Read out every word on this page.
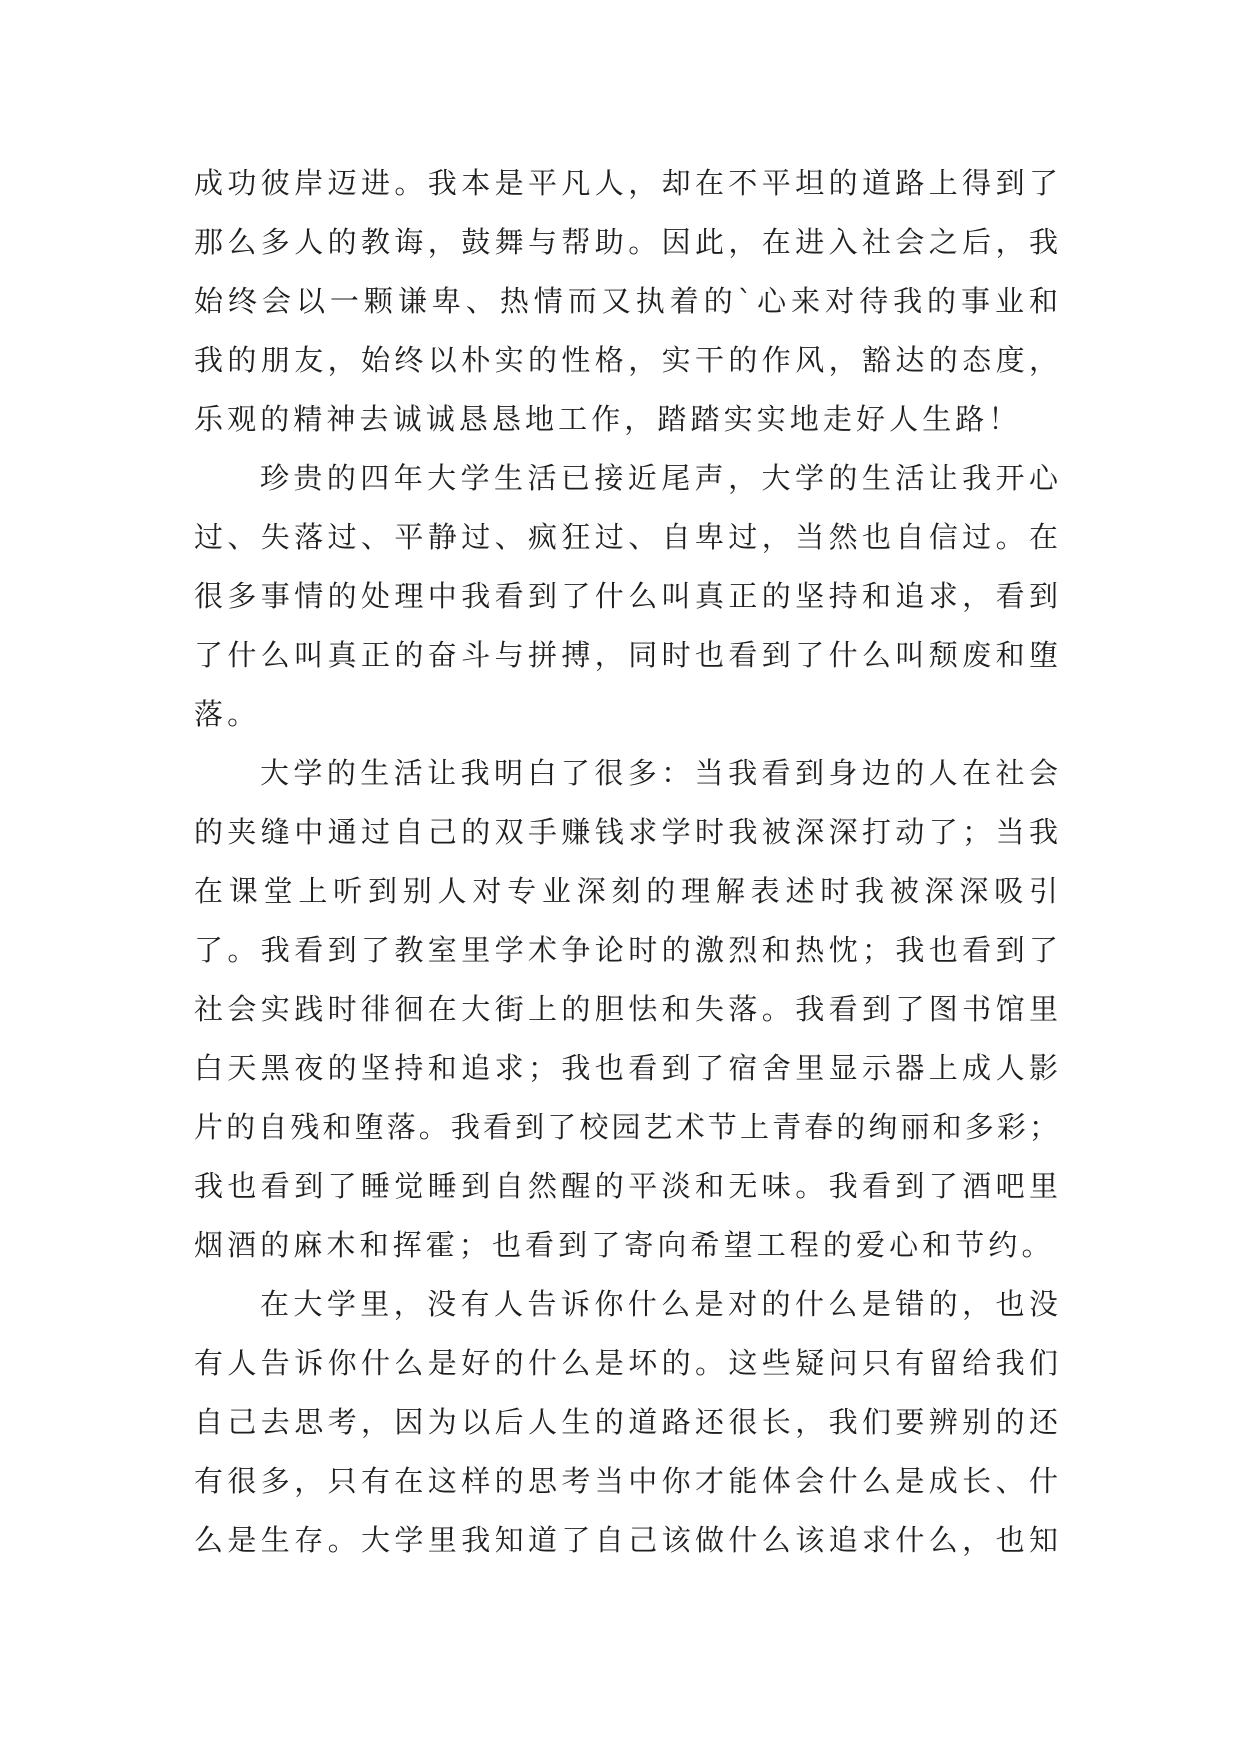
成功彼岸迈进。我本是平凡人，却在不平坦的道路上得到了
那么多人的教诲，鼓舞与帮助。因此，在进入社会之后，我
始终会以一颗谦卑、热情而又执着的`心来对待我的事业和
我的朋友，始终以朴实的性格，实干的作风，豁达的态度，
乐观的精神去诚诚恳恳地工作，踏踏实实地走好人生路！
珍贵的四年大学生活已接近尾声，大学的生活让我开心
过、失落过、平静过、疯狂过、自卑过，当然也自信过。在
很多事情的处理中我看到了什么叫真正的坚持和追求，看到
了什么叫真正的奋斗与拼搏，同时也看到了什么叫颓废和堕
落。
大学的生活让我明白了很多：当我看到身边的人在社会
的夹缝中通过自己的双手赚钱求学时我被深深打动了；当我
在课堂上听到别人对专业深刻的理解表述时我被深深吸引
了。我看到了教室里学术争论时的激烈和热忱；我也看到了
社会实践时徘徊在大街上的胆怯和失落。我看到了图书馆里
白天黑夜的坚持和追求；我也看到了宿舍里显示器上成人影
片的自残和堕落。我看到了校园艺术节上青春的绚丽和多彩；
我也看到了睡觉睡到自然醒的平淡和无味。我看到了酒吧里
烟酒的麻木和挥霍；也看到了寄向希望工程的爱心和节约。
在大学里，没有人告诉你什么是对的什么是错的，也没
有人告诉你什么是好的什么是坏的。这些疑问只有留给我们
自己去思考，因为以后人生的道路还很长，我们要辨别的还
有很多，只有在这样的思考当中你才能体会什么是成长、什
么是生存。大学里我知道了自己该做什么该追求什么，也知
